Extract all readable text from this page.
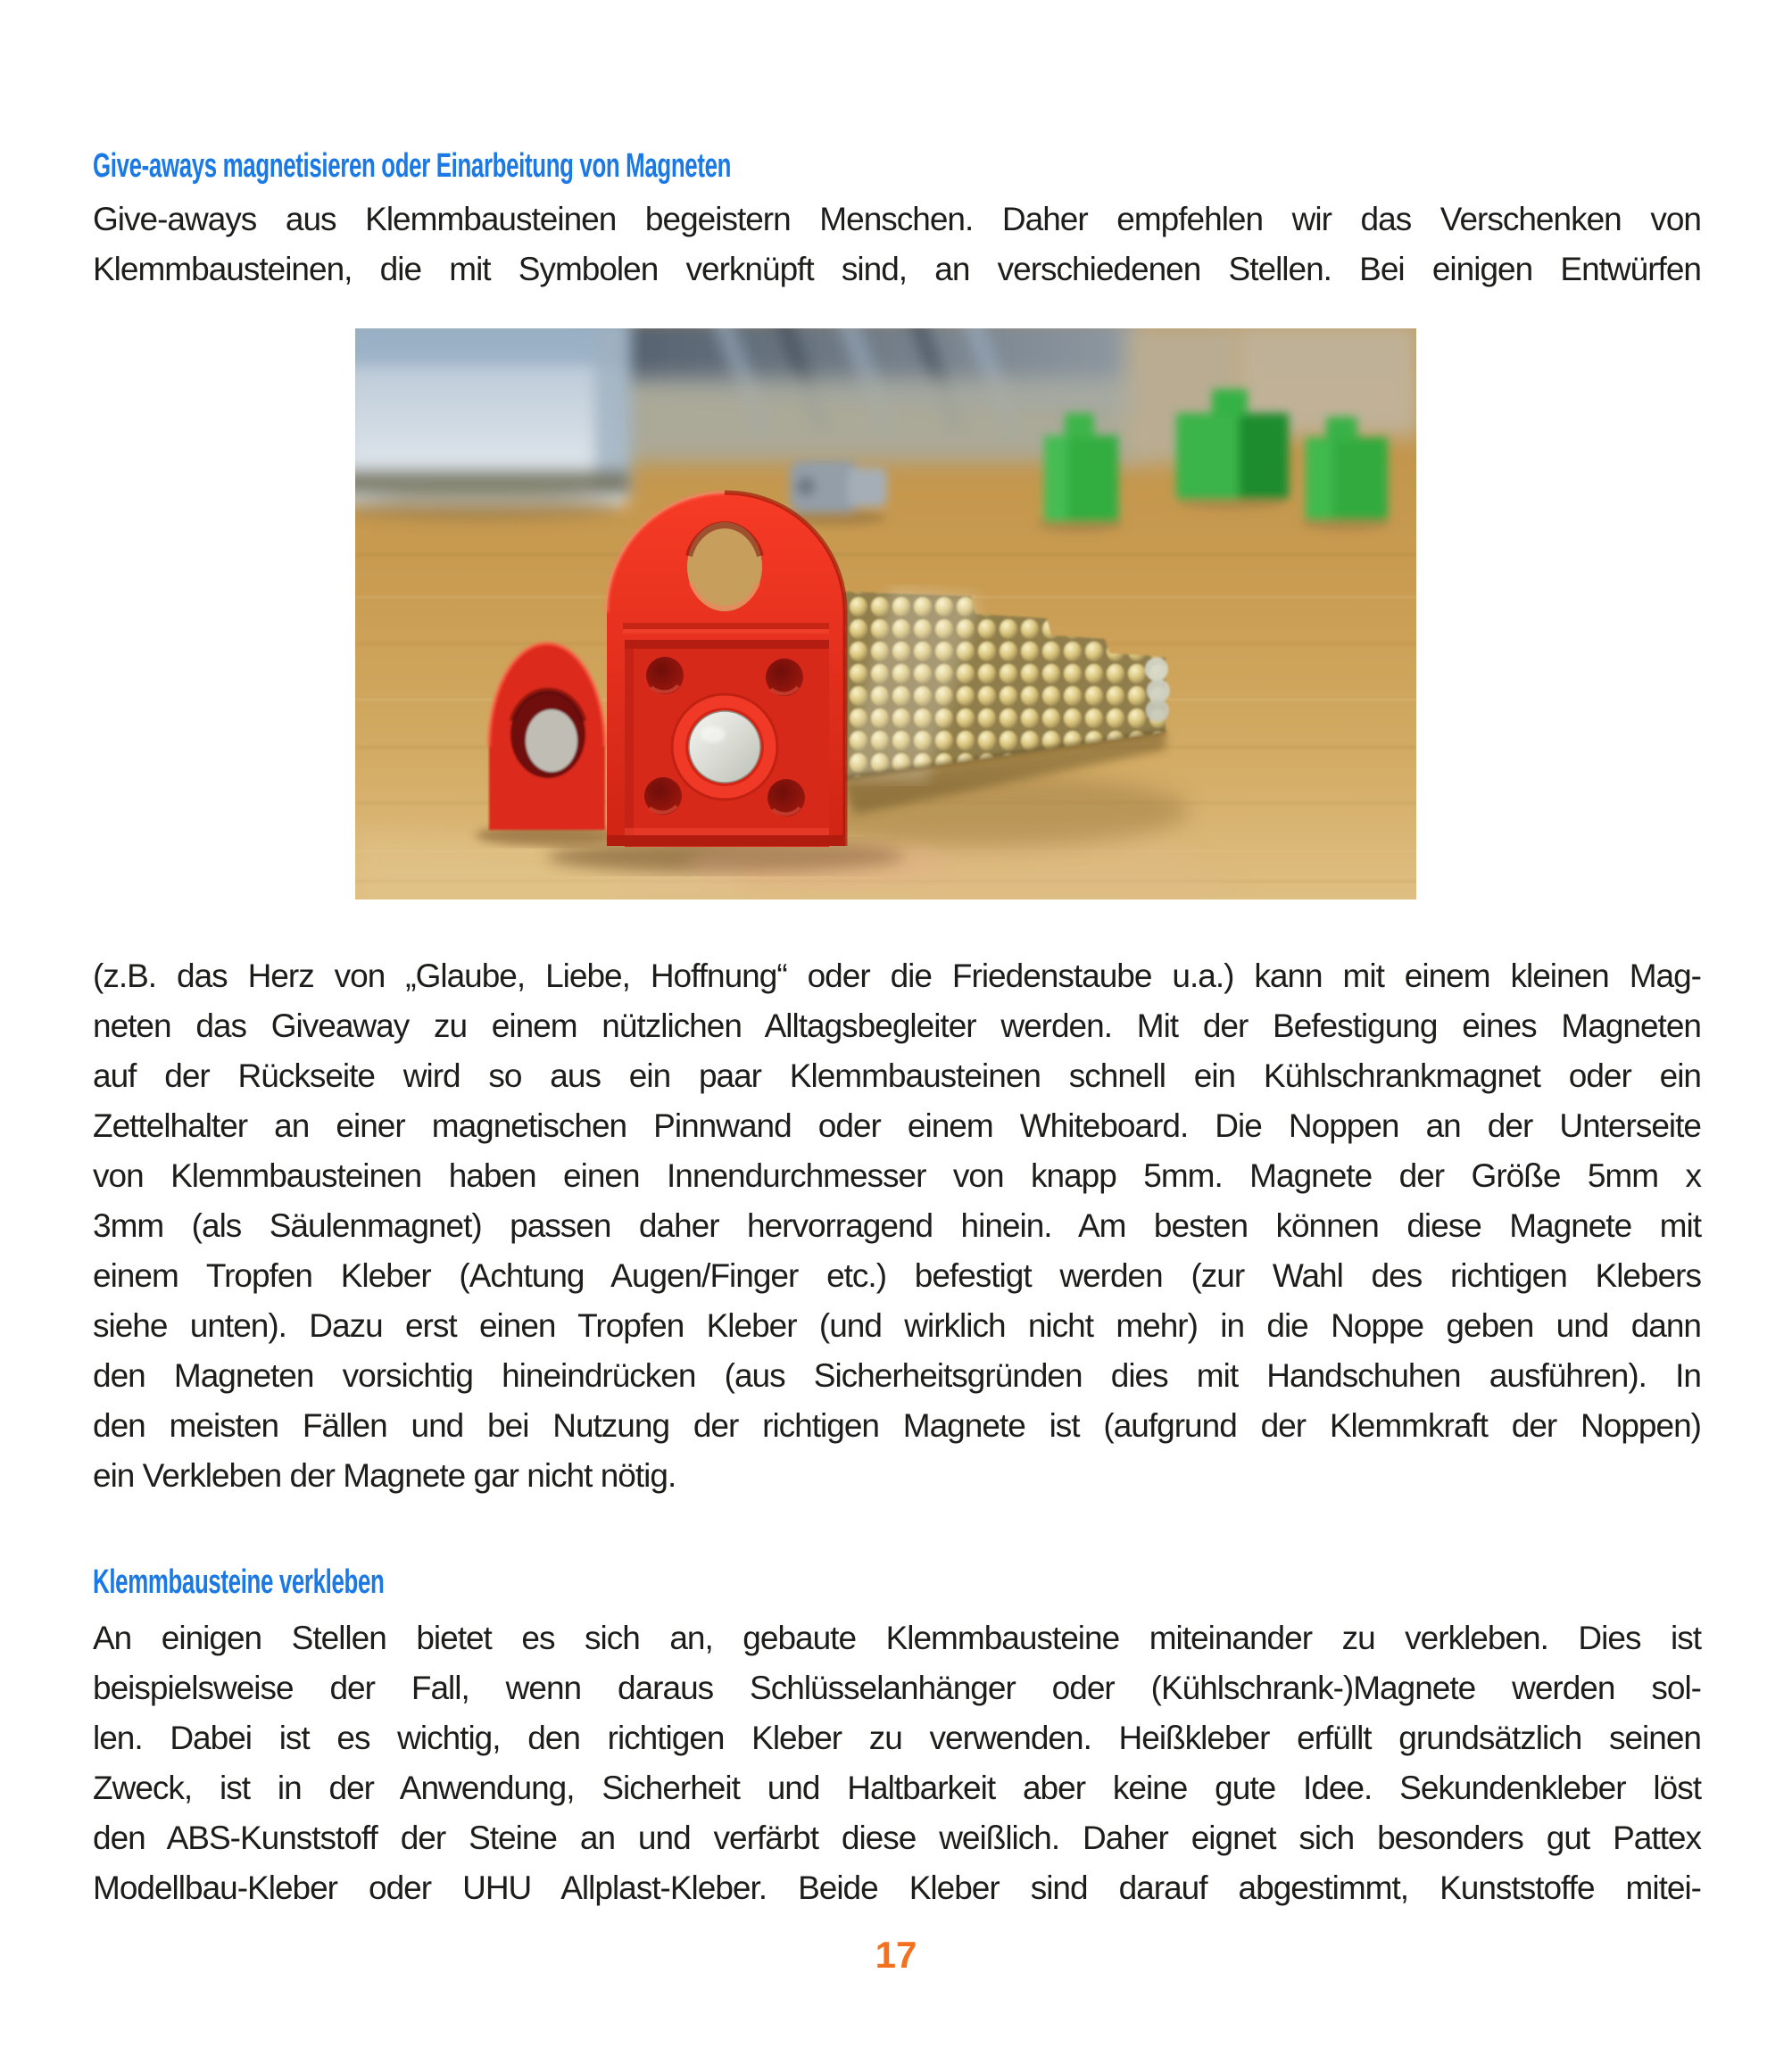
Give-aways magnetisieren oder Einarbeitung von Magneten
Give-aways aus Klemmbausteinen begeistern Menschen. Daher empfehlen wir das Verschenken von
Klemmbausteinen, die mit Symbolen verknüpft sind, an verschiedenen Stellen. Bei einigen Entwürfen
(z.B. das Herz von „Glaube, Liebe, Hoffnung“ oder die Friedenstaube u.a.) kann mit einem kleinen Mag-
neten das Giveaway zu einem nützlichen Alltagsbegleiter werden. Mit der Befestigung eines Magneten
auf der Rückseite wird so aus ein paar Klemmbausteinen schnell ein Kühlschrankmagnet oder ein
Zettelhalter an einer magnetischen Pinnwand oder einem Whiteboard. Die Noppen an der Unterseite
von Klemmbausteinen haben einen Innendurchmesser von knapp 5mm. Magnete der Größe 5mm x
3mm (als Säulenmagnet) passen daher hervorragend hinein. Am besten können diese Magnete mit
einem Tropfen Kleber (Achtung Augen/Finger etc.) befestigt werden (zur Wahl des richtigen Klebers
siehe unten). Dazu erst einen Tropfen Kleber (und wirklich nicht mehr) in die Noppe geben und dann
den Magneten vorsichtig hineindrücken (aus Sicherheitsgründen dies mit Handschuhen ausführen). In
den meisten Fällen und bei Nutzung der richtigen Magnete ist (aufgrund der Klemmkraft der Noppen)
ein Verkleben der Magnete gar nicht nötig.
Klemmbausteine verkleben
An einigen Stellen bietet es sich an, gebaute Klemmbausteine miteinander zu verkleben. Dies ist
beispielsweise der Fall, wenn daraus Schlüsselanhänger oder (Kühlschrank-)Magnete werden sol-
len. Dabei ist es wichtig, den richtigen Kleber zu verwenden. Heißkleber erfüllt grundsätzlich seinen
Zweck, ist in der Anwendung, Sicherheit und Haltbarkeit aber keine gute Idee. Sekundenkleber löst
den ABS-Kunststoff der Steine an und verfärbt diese weißlich. Daher eignet sich besonders gut Pattex
Modellbau-Kleber oder UHU Allplast-Kleber. Beide Kleber sind darauf abgestimmt, Kunststoffe mitei-
17
